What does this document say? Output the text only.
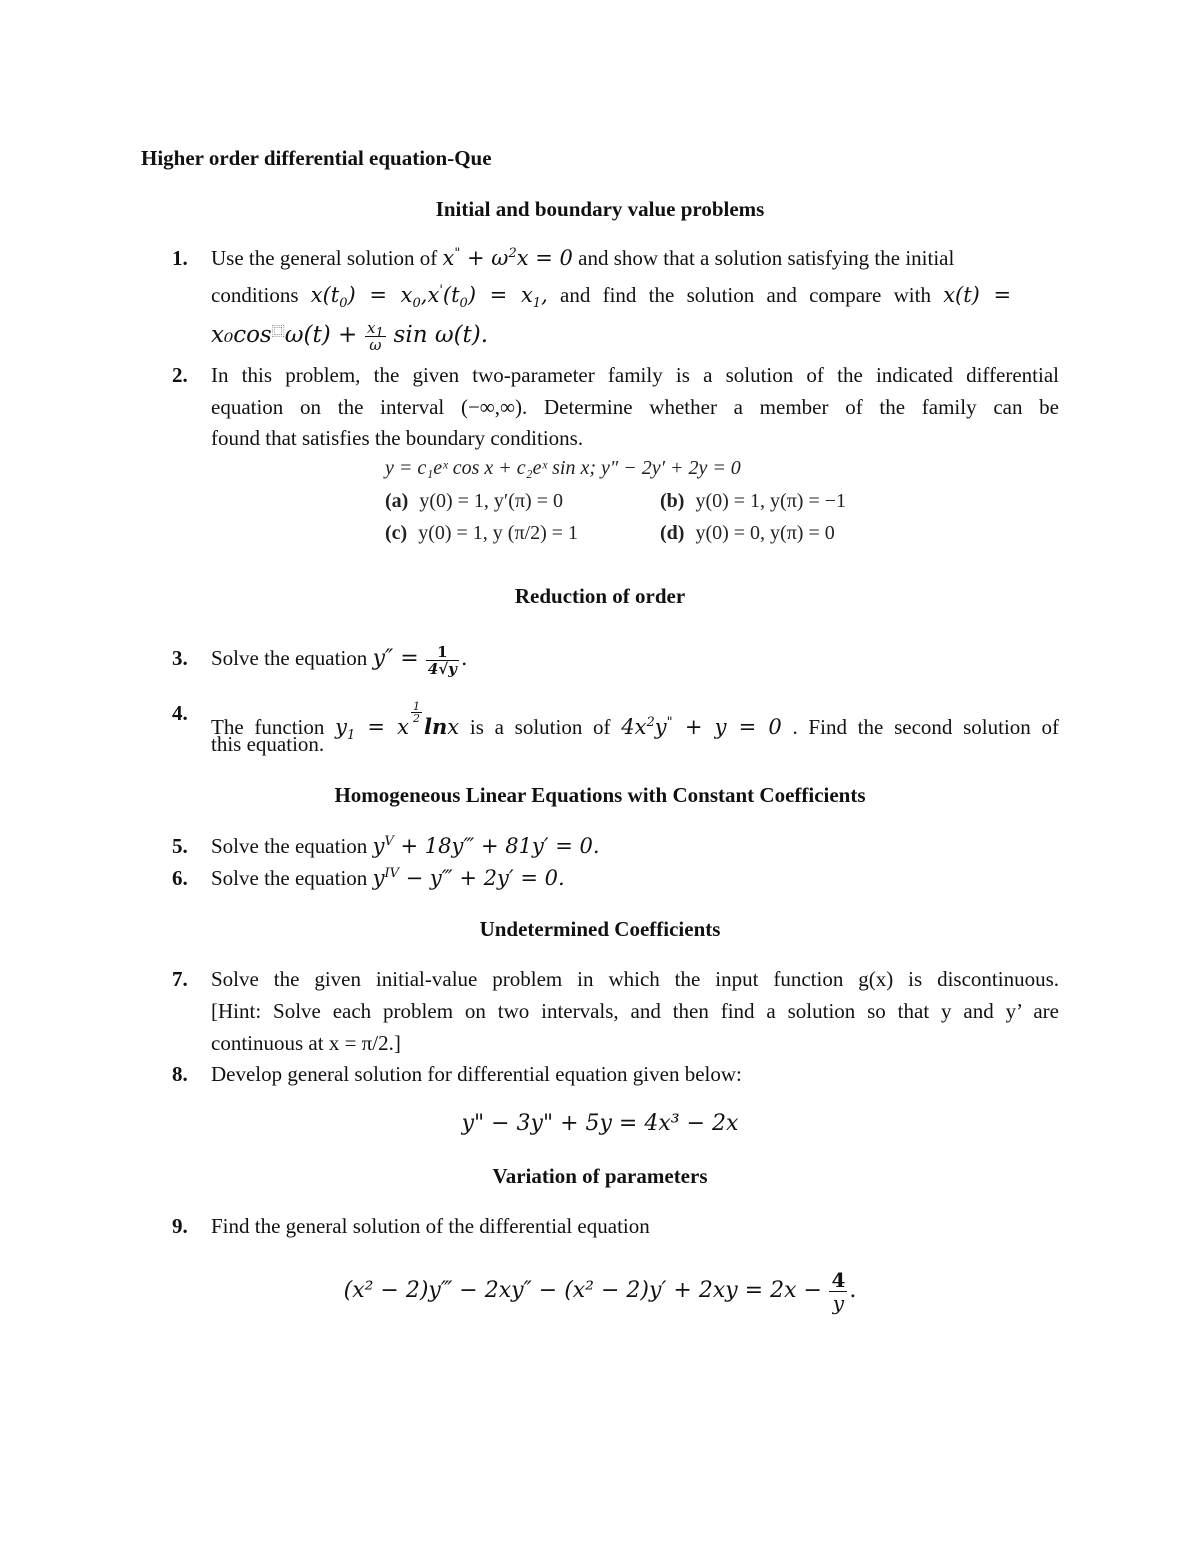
Higher order differential equation-Que
Initial and boundary value problems
1. Use the general solution of $x^" + \omega^2x = 0$ and show that a solution satisfying the initial
conditions $x(t_0) = x_0,x'(t_0) = x_1$, and find the solution and compare with x(t) =
$x_0\cos^⿴\omega(t) + \frac{x_1}{\omega}$ sin ω(t).
2. In this problem, the given two-parameter family is a solution of the indicated differential
equation on the interval (−∞,∞). Determine whether a member of the family can be
found that satisfies the boundary conditions.
y = c₁eˣ cos x + c₂eˣ sin x; y″ − 2y′ + 2y = 0
(a) y(0) = 1, y′(π) = 0	(b) y(0) = 1, y(π) = −1
(c) y(0) = 1, y (π/2) = 1	(d) y(0) = 0, y(π) = 0
Reduction of order
3. Solve the equation $y'' = \frac{1}{4√y}$ .
4.
The function $y_1 = x$
$^{\frac{1}{2}}$
lnx is a solution of $4x^2y^" + y = 0$ . Find the second solution of
this equation.
Homogeneous Linear Equations with Constant Coefficients
5. Solve the equation $y^V$ + 18y‴ + 81y′ = 0.
6. Solve the equation $y^{IV}$ − y‴ + 2y′ = 0.
Undetermined Coefficients
7. Solve the given initial-value problem in which the input function g(x) is discontinuous.
[Hint: Solve each problem on two intervals, and then find a solution so that y and y’ are
continuous at x = π/2.]
8. Develop general solution for differential equation given below:
y" − 3y" + 5y = 4x³ − 2x
Variation of parameters
9. Find the general solution of the differential equation
(x² − 2)y‴ − $2xy'' - (x^2 - 2)y' + 2xy = 2x - \frac{4}{y}$ .
